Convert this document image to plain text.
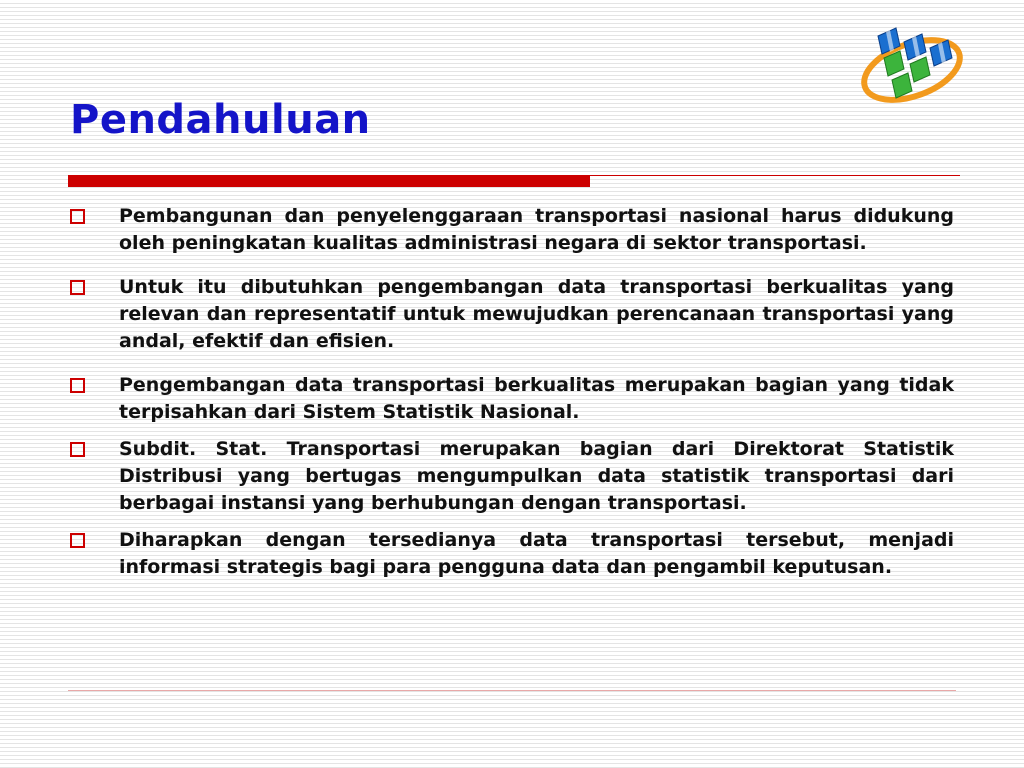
Pendahuluan
Pembangunan dan penyelenggaraan transportasi nasional harus didukung oleh peningkatan kualitas administrasi negara di sektor transportasi.
Untuk itu dibutuhkan pengembangan data transportasi berkualitas yang relevan dan representatif untuk mewujudkan perencanaan transportasi yang andal, efektif dan efisien.
Pengembangan data transportasi berkualitas merupakan bagian yang tidak terpisahkan dari Sistem Statistik Nasional.
Subdit. Stat. Transportasi merupakan bagian dari Direktorat Statistik Distribusi yang bertugas mengumpulkan data statistik transportasi dari berbagai instansi yang berhubungan dengan transportasi.
Diharapkan dengan tersedianya data transportasi tersebut, menjadi informasi strategis bagi para pengguna data dan pengambil keputusan.
